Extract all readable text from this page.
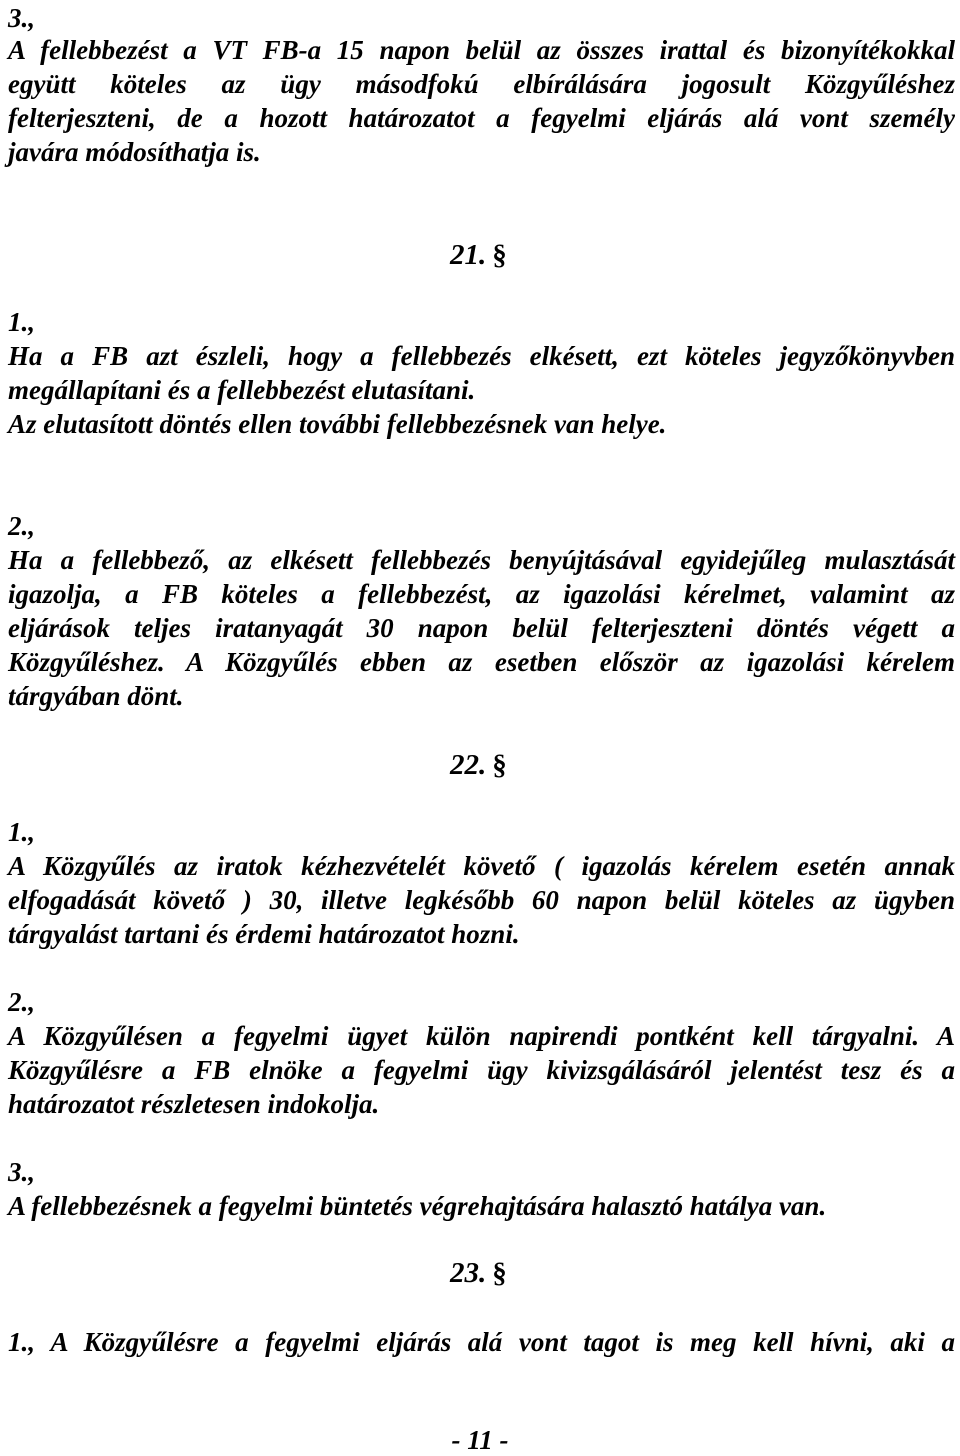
3.,
A fellebbezést a VT FB-a 15 napon belül az összes irattal és bizonyítékokkal
együtt köteles az ügy másodfokú elbírálására jogosult Közgyűléshez
felterjeszteni, de a hozott határozatot a fegyelmi eljárás alá vont személy
javára módosíthatja is.
21. §
1.,
Ha a FB azt észleli, hogy a fellebbezés elkésett, ezt köteles jegyzőkönyvben
megállapítani és a fellebbezést elutasítani.
Az elutasított döntés ellen további fellebbezésnek van helye.
2.,
Ha a fellebbező, az elkésett fellebbezés benyújtásával egyidejűleg mulasztását
igazolja, a FB köteles a fellebbezést, az igazolási kérelmet, valamint az
eljárások teljes iratanyagát 30 napon belül felterjeszteni döntés végett a
Közgyűléshez. A Közgyűlés ebben az esetben először az igazolási kérelem
tárgyában dönt.
22. §
1.,
A Közgyűlés az iratok kézhezvételét követő ( igazolás kérelem esetén annak
elfogadását követő ) 30, illetve legkésőbb 60 napon belül köteles az ügyben
tárgyalást tartani és érdemi határozatot hozni.
2.,
A Közgyűlésen a fegyelmi ügyet külön napirendi pontként kell tárgyalni. A
Közgyűlésre a FB elnöke a fegyelmi ügy kivizsgálásáról jelentést tesz és a
határozatot részletesen indokolja.
3.,
A fellebbezésnek a fegyelmi büntetés végrehajtására halasztó hatálya van.
23. §
1., A Közgyűlésre a fegyelmi eljárás alá vont tagot is meg kell hívni, aki a
- 11 -
